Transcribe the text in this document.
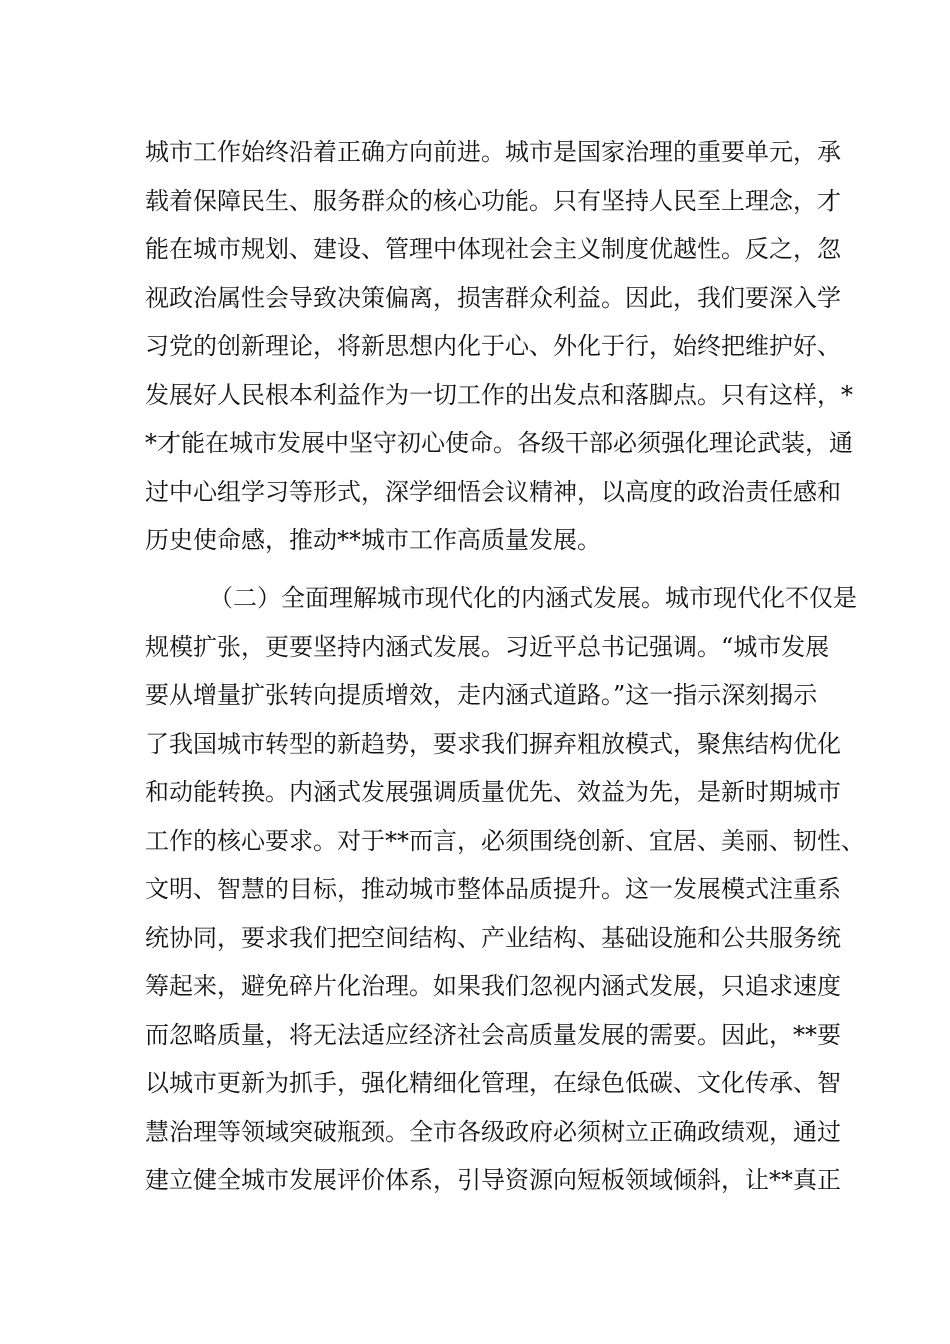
城市工作始终沿着正确方向前进。城市是国家治理的重要单元，承
载着保障民生、服务群众的核心功能。只有坚持人民至上理念，才
能在城市规划、建设、管理中体现社会主义制度优越性。反之，忽
视政治属性会导致决策偏离，损害群众利益。因此，我们要深入学
习党的创新理论，将新思想内化于心、外化于行，始终把维护好、
发展好人民根本利益作为一切工作的出发点和落脚点。只有这样，*
*才能在城市发展中坚守初心使命。各级干部必须强化理论武装，通
过中心组学习等形式，深学细悟会议精神，以高度的政治责任感和
历史使命感，推动**城市工作高质量发展。
（二）全面理解城市现代化的内涵式发展。城市现代化不仅是
规模扩张，更要坚持内涵式发展。习近平总书记强调。“城市发展
要从增量扩张转向提质增效，走内涵式道路。”这一指示深刻揭示
了我国城市转型的新趋势，要求我们摒弃粗放模式，聚焦结构优化
和动能转换。内涵式发展强调质量优先、效益为先，是新时期城市
工作的核心要求。对于**而言，必须围绕创新、宜居、美丽、韧性、
文明、智慧的目标，推动城市整体品质提升。这一发展模式注重系
统协同，要求我们把空间结构、产业结构、基础设施和公共服务统
筹起来，避免碎片化治理。如果我们忽视内涵式发展，只追求速度
而忽略质量，将无法适应经济社会高质量发展的需要。因此，**要
以城市更新为抓手，强化精细化管理，在绿色低碳、文化传承、智
慧治理等领域突破瓶颈。全市各级政府必须树立正确政绩观，通过
建立健全城市发展评价体系，引导资源向短板领域倾斜，让**真正
